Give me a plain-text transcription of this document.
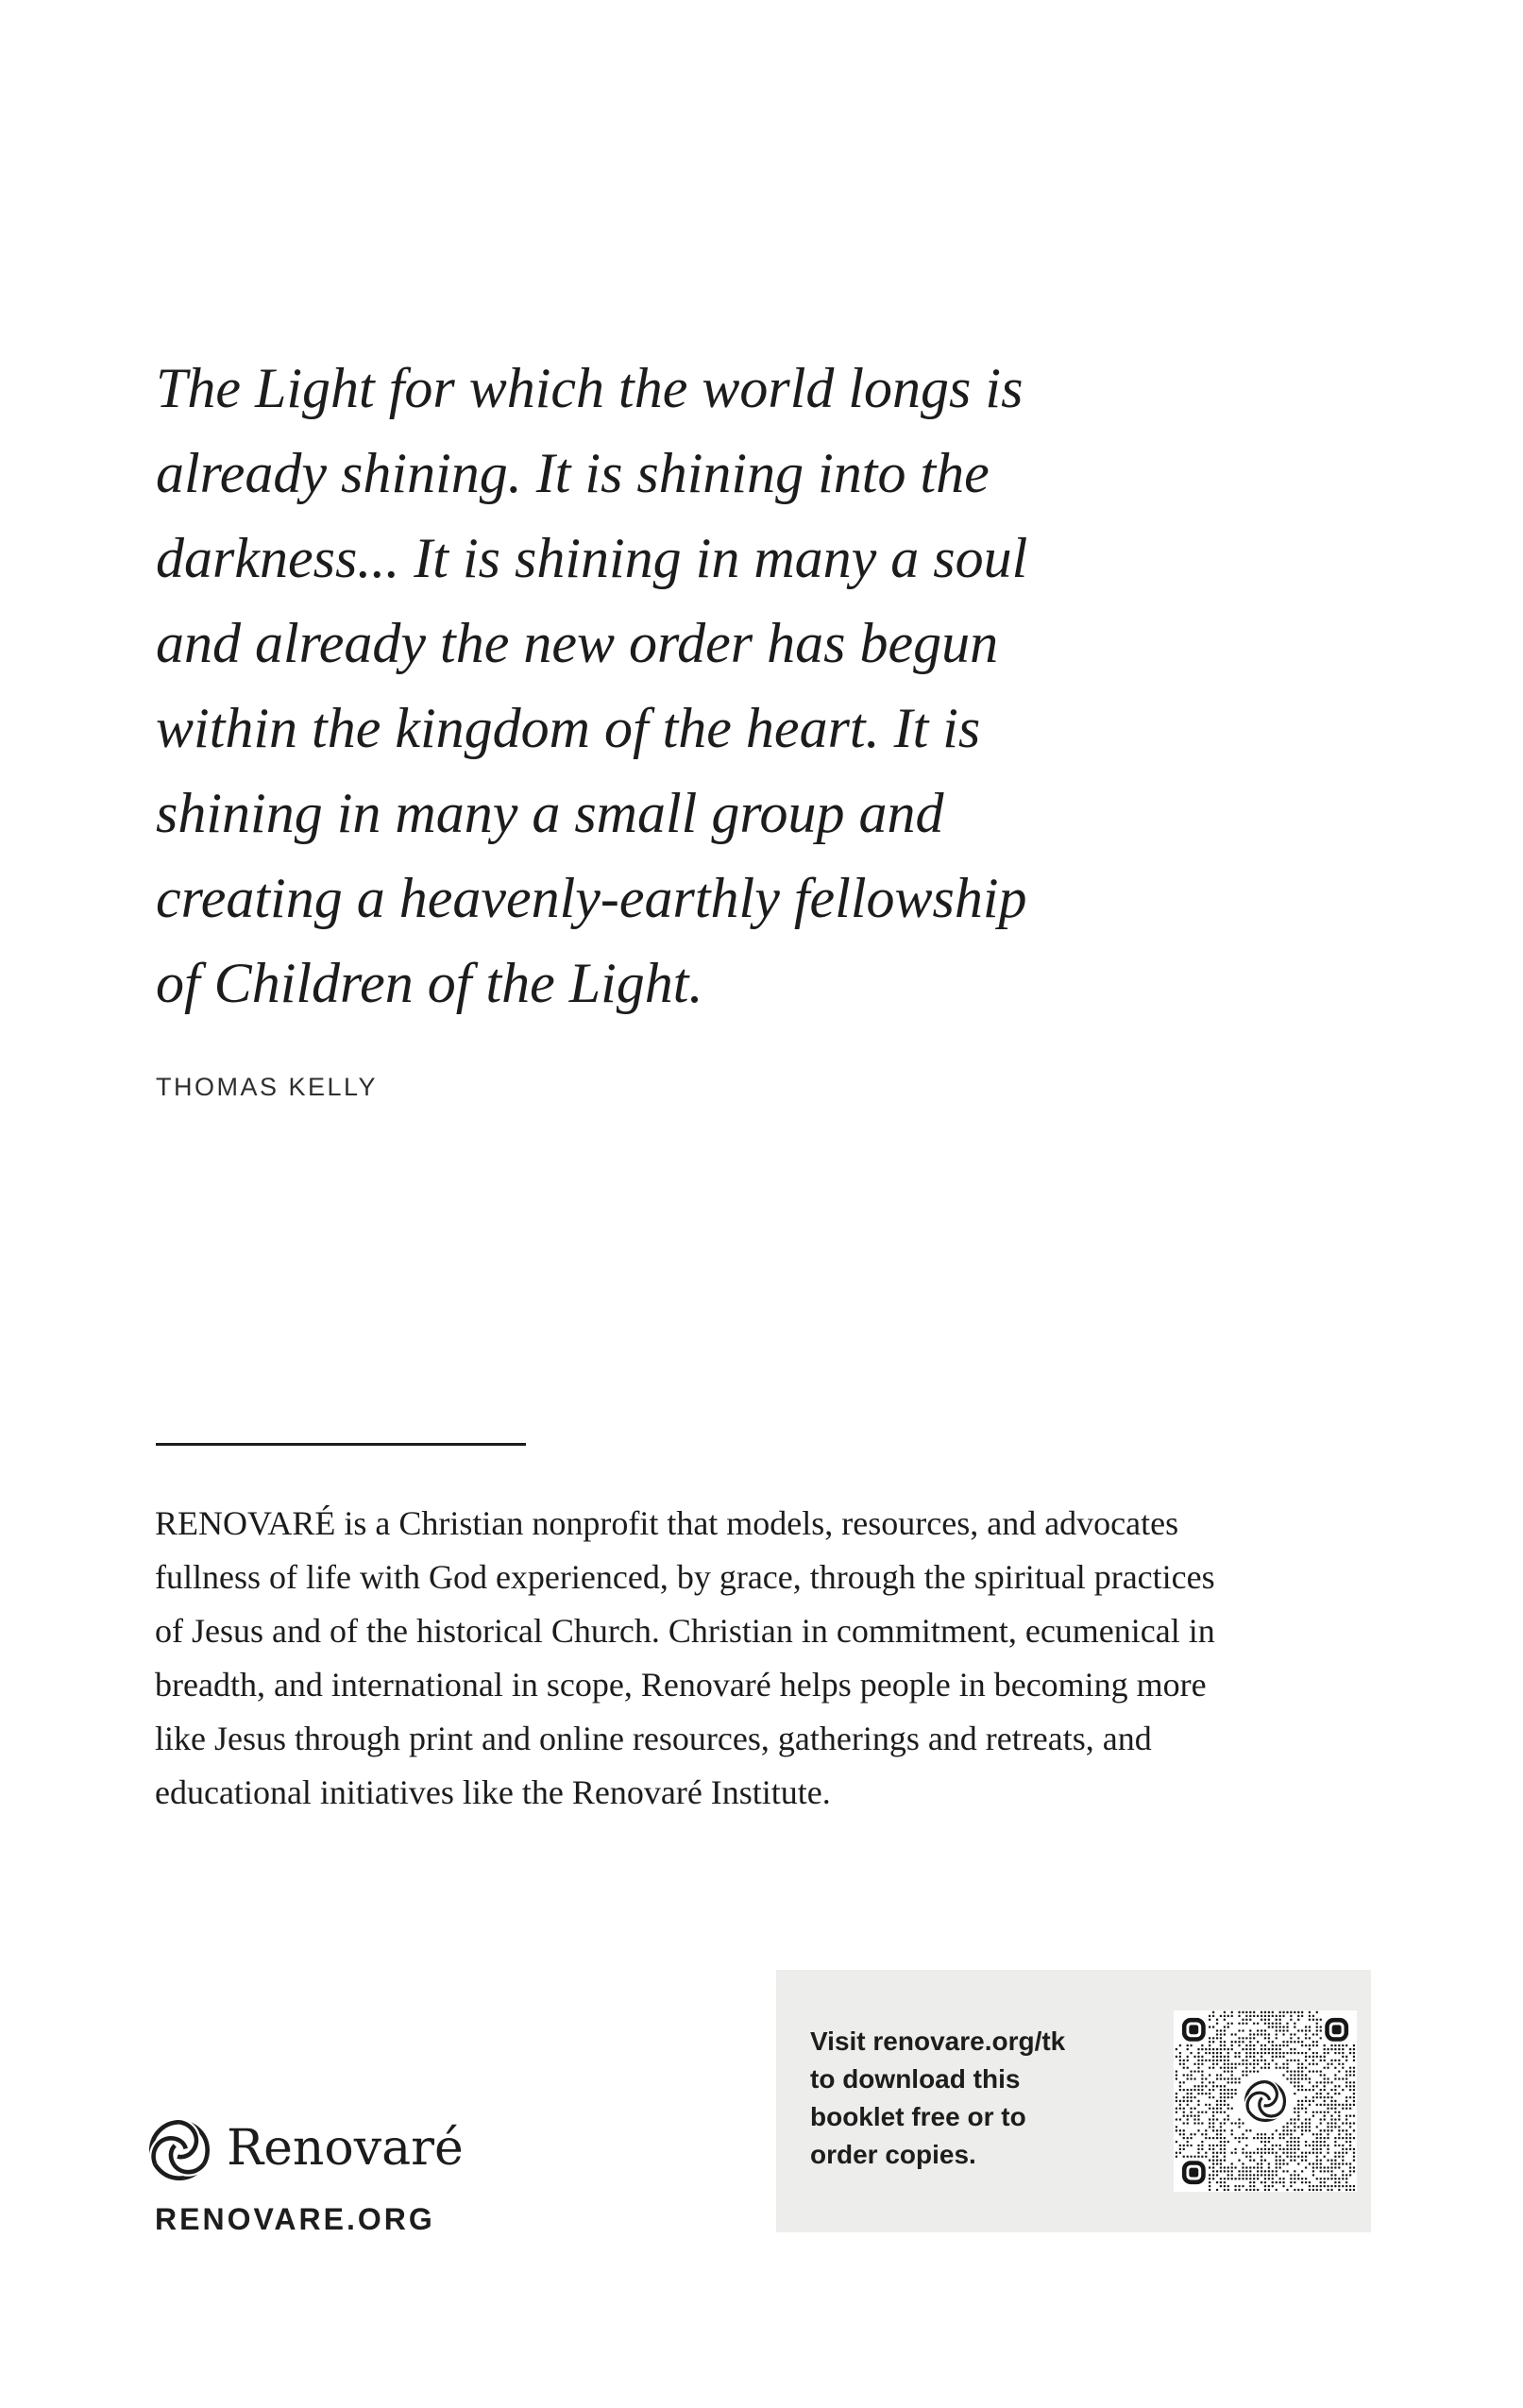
The Light for which the world longs is
already shining. It is shining into the
darkness... It is shining in many a soul
and already the new order has begun
within the kingdom of the heart. It is
shining in many a small group and
creating a heavenly-earthly fellowship
of Children of the Light.
THOMAS KELLY
RENOVARÉ is a Christian nonprofit that models, resources, and advocates
fullness of life with God experienced, by grace, through the spiritual practices
of Jesus and of the historical Church. Christian in commitment, ecumenical in
breadth, and international in scope, Renovaré helps people in becoming more
like Jesus through print and online resources, gatherings and retreats, and
educational initiatives like the Renovaré Institute.
Visit renovare.org/tk
to download this
booklet free or to
order copies.
Renovaré
RENOVARE.ORG
